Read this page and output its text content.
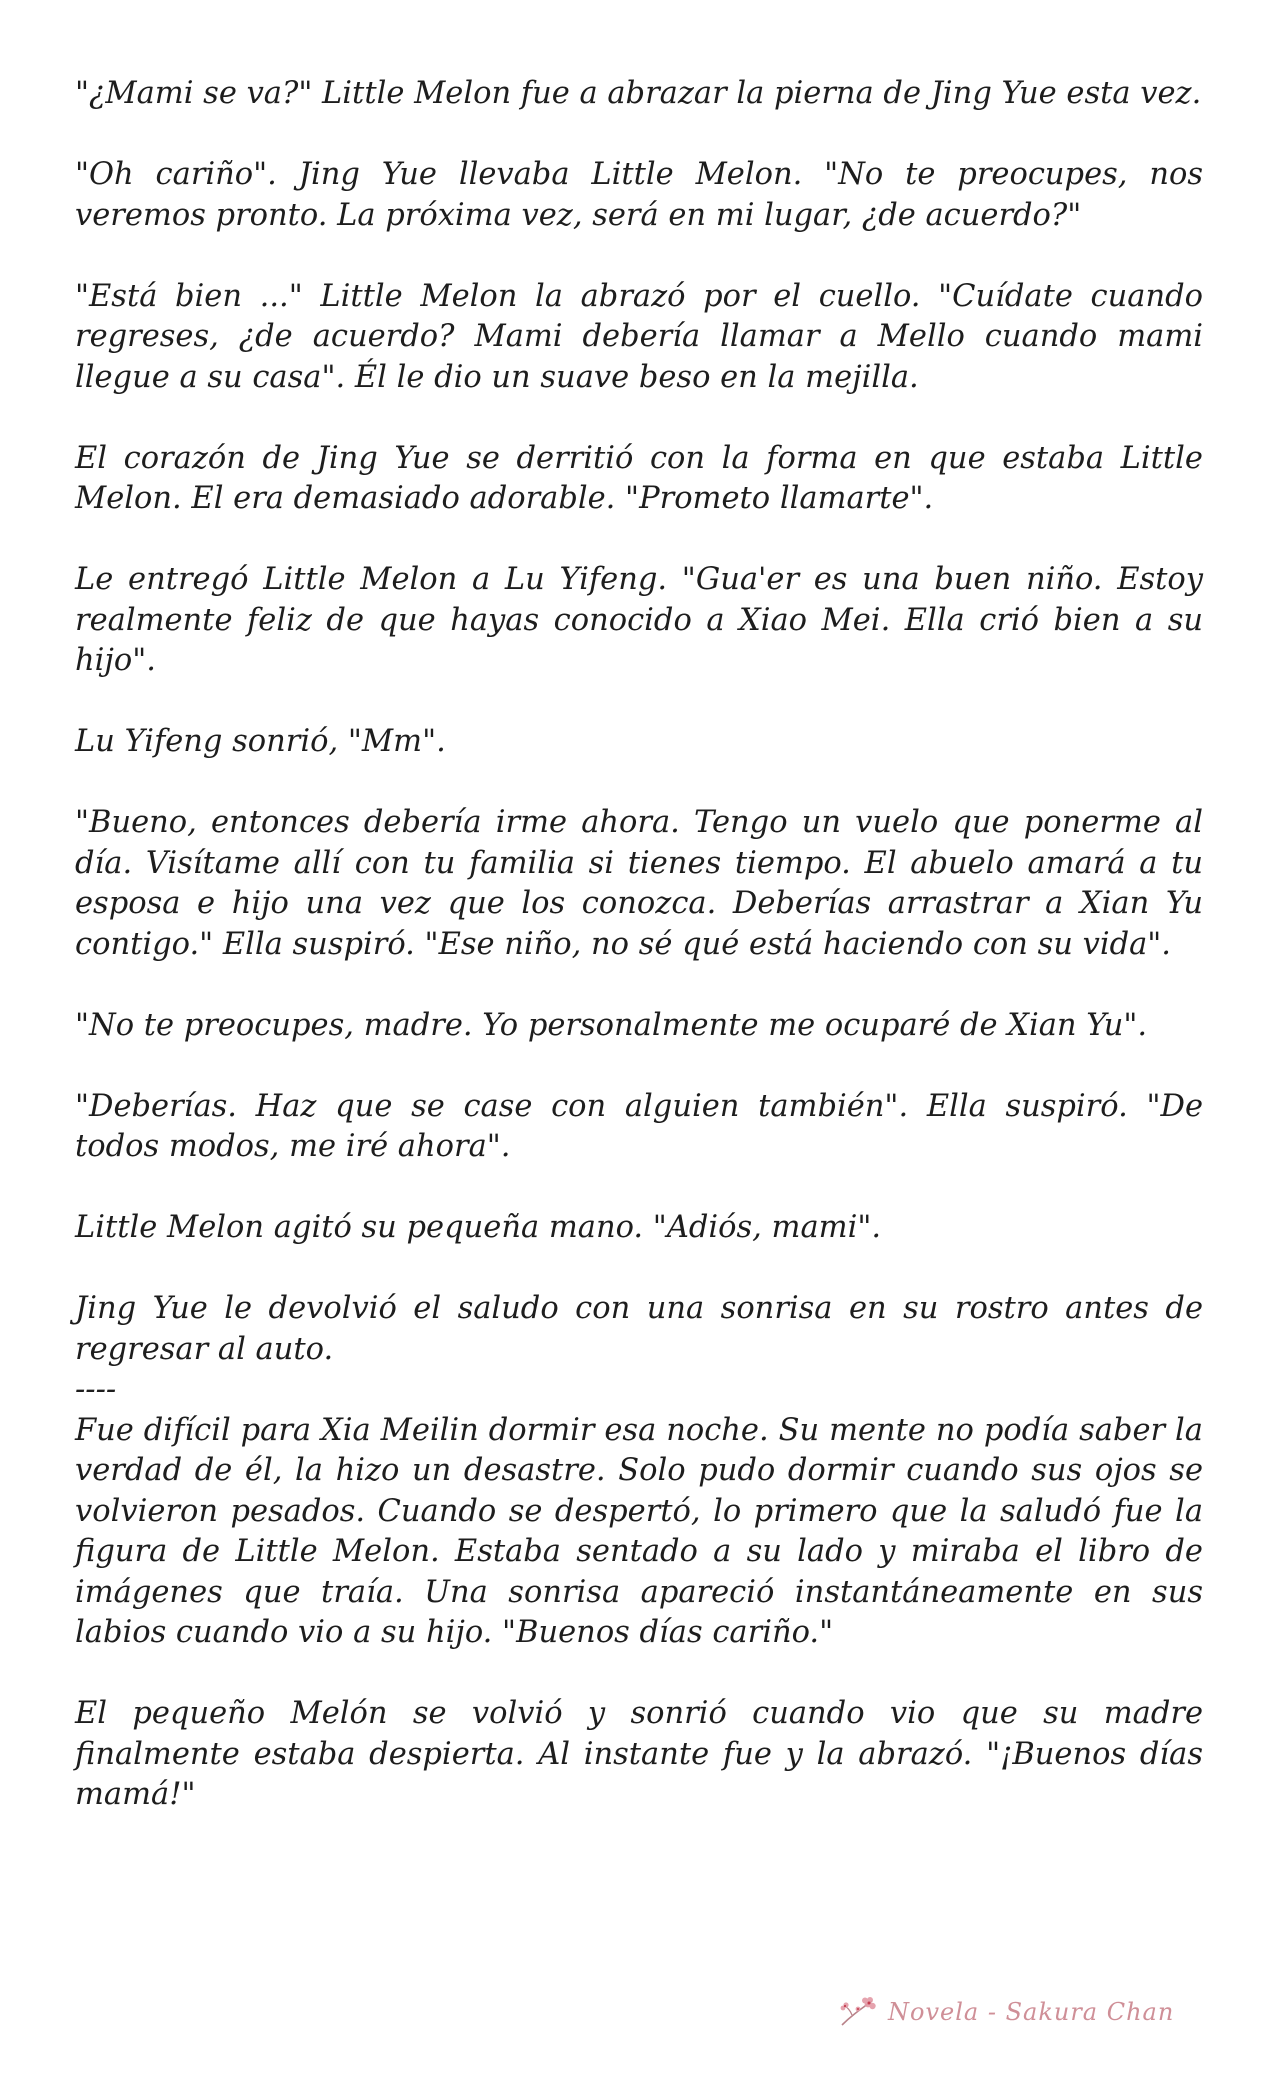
"¿Mami se va?" Little Melon fue a abrazar la pierna de Jing Yue esta vez.

"Oh cariño". Jing Yue llevaba Little Melon. "No te preocupes, nos veremos pronto. La próxima vez, será en mi lugar, ¿de acuerdo?"

"Está bien ..." Little Melon la abrazó por el cuello. "Cuídate cuando regreses, ¿de acuerdo? Mami debería llamar a Mello cuando mami llegue a su casa". Él le dio un suave beso en la mejilla.

El corazón de Jing Yue se derritió con la forma en que estaba Little Melon. El era demasiado adorable. "Prometo llamarte".

Le entregó Little Melon a Lu Yifeng. "Gua'er es una buen niño. Estoy realmente feliz de que hayas conocido a Xiao Mei. Ella crió bien a su hijo".

Lu Yifeng sonrió, "Mm".

"Bueno, entonces debería irme ahora. Tengo un vuelo que ponerme al día. Visítame allí con tu familia si tienes tiempo. El abuelo amará a tu esposa e hijo una vez que los conozca. Deberías arrastrar a Xian Yu contigo." Ella suspiró. "Ese niño, no sé qué está haciendo con su vida".

"No te preocupes, madre. Yo personalmente me ocuparé de Xian Yu".

"Deberías. Haz que se case con alguien también". Ella suspiró. "De todos modos, me iré ahora".

Little Melon agitó su pequeña mano. "Adiós, mami".

Jing Yue le devolvió el saludo con una sonrisa en su rostro antes de regresar al auto.

----

Fue difícil para Xia Meilin dormir esa noche. Su mente no podía saber la verdad de él, la hizo un desastre. Solo pudo dormir cuando sus ojos se volvieron pesados. Cuando se despertó, lo primero que la saludó fue la figura de Little Melon. Estaba sentado a su lado y miraba el libro de imágenes que traía. Una sonrisa apareció instantáneamente en sus labios cuando vio a su hijo. "Buenos días cariño."

El pequeño Melón se volvió y sonrió cuando vio que su madre finalmente estaba despierta. Al instante fue y la abrazó. "¡Buenos días mamá!"

Novela - Sakura Chan
